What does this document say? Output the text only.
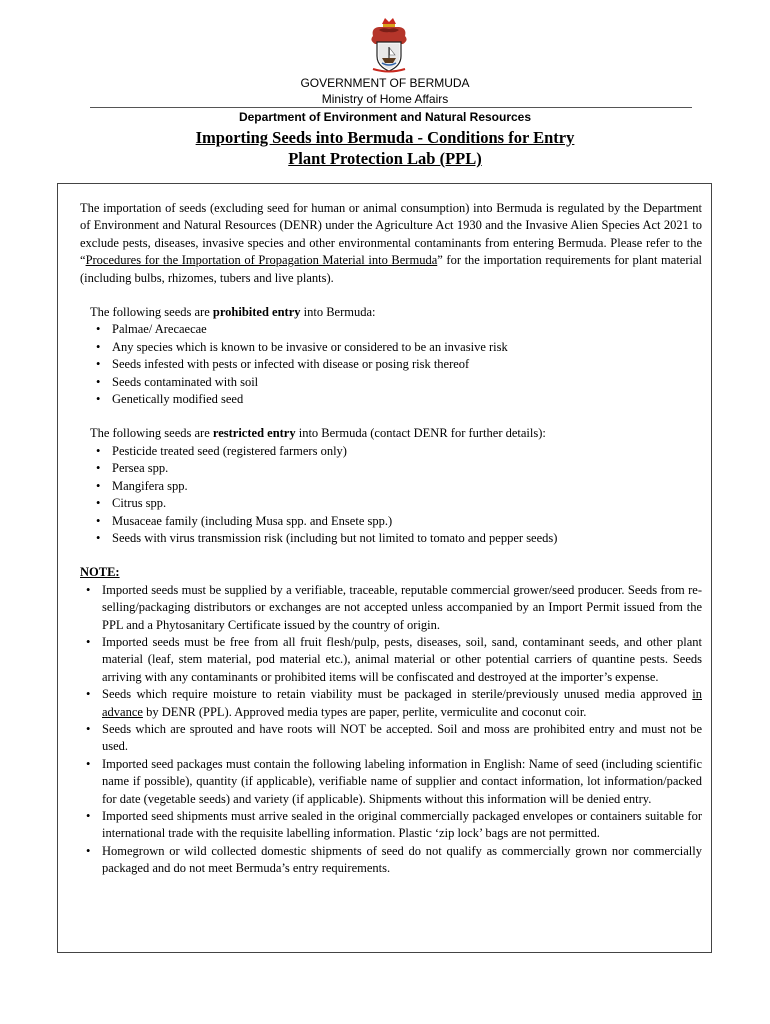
GOVERNMENT OF BERMUDA
Ministry of Home Affairs
Department of Environment and Natural Resources
Importing Seeds into Bermuda - Conditions for Entry
Plant Protection Lab (PPL)

The importation of seeds (excluding seed for human or animal consumption) into Bermuda is regulated by the Department of Environment and Natural Resources (DENR) under the Agriculture Act 1930 and the Invasive Alien Species Act 2021 to exclude pests, diseases, invasive species and other environmental contaminants from entering Bermuda. Please refer to the “Procedures for the Importation of Propagation Material into Bermuda” for the importation requirements for plant material (including bulbs, rhizomes, tubers and live plants).

The following seeds are prohibited entry into Bermuda:

• Palmae/ Arecaecae
• Any species which is known to be invasive or considered to be an invasive risk
• Seeds infested with pests or infected with disease or posing risk thereof
• Seeds contaminated with soil
• Genetically modified seed

The following seeds are restricted entry into Bermuda (contact DENR for further details):

• Pesticide treated seed (registered farmers only)
• Persea spp.
• Mangifera spp.
• Citrus spp.
• Musaceae family (including Musa spp. and Ensete spp.)
• Seeds with virus transmission risk (including but not limited to tomato and pepper seeds)

NOTE:

• Imported seeds must be supplied by a verifiable, traceable, reputable commercial grower/seed producer. Seeds from re-selling/packaging distributors or exchanges are not accepted unless accompanied by an Import Permit issued from the PPL and a Phytosanitary Certificate issued by the country of origin.
• Imported seeds must be free from all fruit flesh/pulp, pests, diseases, soil, sand, contaminant seeds, and other plant material (leaf, stem material, pod material etc.), animal material or other potential carriers of quantine pests. Seeds arriving with any contaminants or prohibited items will be confiscated and destroyed at the importer’s expense.
• Seeds which require moisture to retain viability must be packaged in sterile/previously unused media approved in advance by DENR (PPL). Approved media types are paper, perlite, vermiculite and coconut coir.
• Seeds which are sprouted and have roots will NOT be accepted. Soil and moss are prohibited entry and must not be used.
• Imported seed packages must contain the following labeling information in English: Name of seed (including scientific name if possible), quantity (if applicable), verifiable name of supplier and contact information, lot information/packed for date (vegetable seeds) and variety (if applicable). Shipments without this information will be denied entry.
• Imported seed shipments must arrive sealed in the original commercially packaged envelopes or containers suitable for international trade with the requisite labelling information. Plastic ‘zip lock’ bags are not permitted.
• Homegrown or wild collected domestic shipments of seed do not qualify as commercially grown nor commercially packaged and do not meet Bermuda’s entry requirements.
